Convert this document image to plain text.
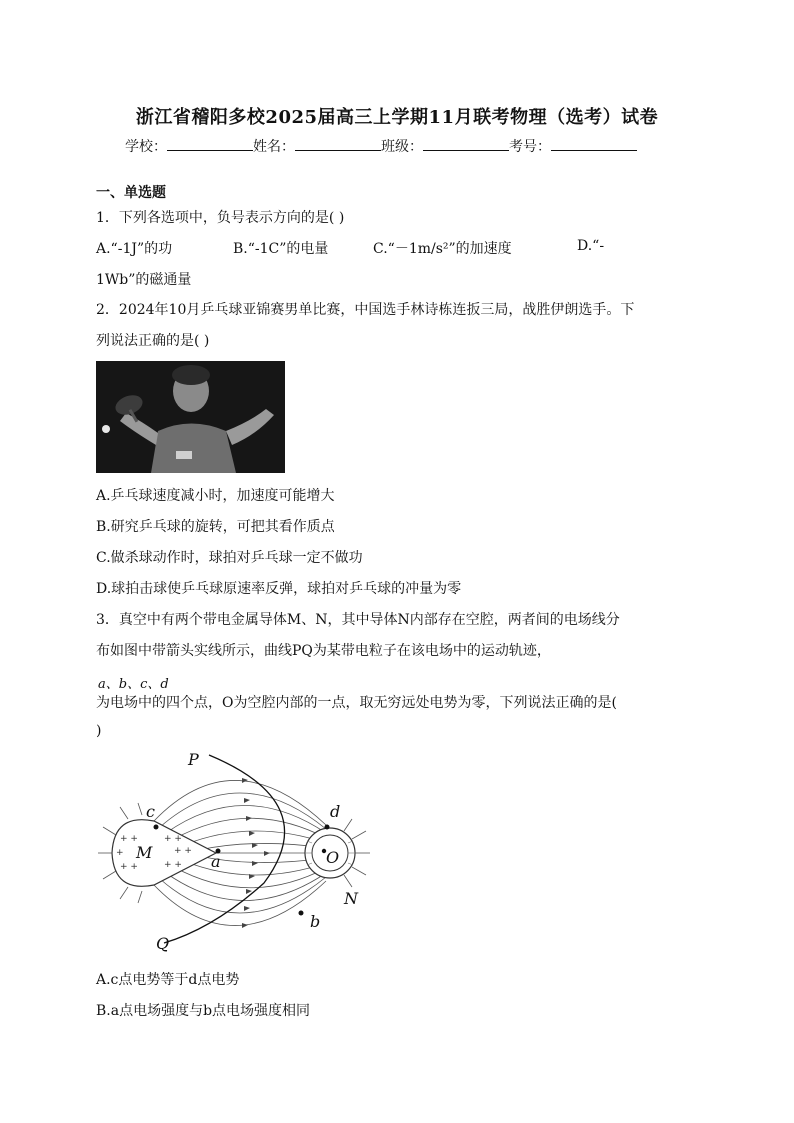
浙江省稽阳多校2025届高三上学期11月联考物理（选考）试卷
学校：	姓名：	班级：	考号：
一、单选题
1．下列各选项中，负号表示方向的是( )
A.“-1J”的功	B.“-1C”的电量	C.“－1m/s²”的加速度	D.“-
1Wb”的磁通量
2．2024年10月乒乓球亚锦赛男单比赛，中国选手林诗栋连扳三局，战胜伊朗选手。下
列说法正确的是( )
A.乒乓球速度减小时，加速度可能增大
B.研究乒乓球的旋转，可把其看作质点
C.做杀球动作时，球拍对乒乓球一定不做功
D.球拍击球使乒乓球原速率反弹，球拍对乒乓球的冲量为零
3．真空中有两个带电金属导体M、N，其中导体N内部存在空腔，两者间的电场线分
布如图中带箭头实线所示，曲线PQ为某带电粒子在该电场中的运动轨迹，
a、b、c、d
为电场中的四个点，O为空腔内部的一点，取无穷远处电势为零，下列说法正确的是(
)
+ +
+
+ +
+ +
+ +
+ +
P
Q
M
N
O
a
b
c	d
A.c点电势等于d点电势
B.a点电场强度与b点电场强度相同
